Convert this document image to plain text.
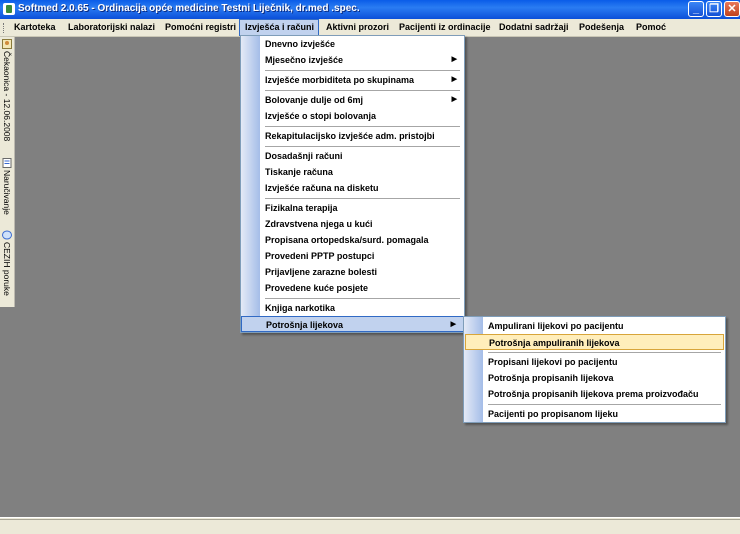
Softmed 2.0.65 - Ordinacija opće medicine Testni Liječnik, dr.med .spec.	_ ❐ ✕
Kartoteka	Laboratorijski nalazi	Pomoćni registri Izvješća i računi	Aktivni prozori	Pacijenti iz ordinacije Dodatni sadržaji	Podešenja	Pomoć
Čekaonica - 12.06.2008
Naručivanje
CEZIH poruke
Dnevno izvješće
Mjesečno izvješće	▶
Izvješće morbiditeta po skupinama	▶
Bolovanje dulje od 6mj	▶
Izvješće o stopi bolovanja
Rekapitulacijsko izvješće adm. pristojbi
Dosadašnji računi
Tiskanje računa
Izvješće računa na disketu
Fizikalna terapija
Zdravstvena njega u kući
Propisana ortopedska/surd. pomagala
Provedeni PPTP postupci
Prijavljene zarazne bolesti
Provedene kuće posjete
Knjiga narkotika
Potrošnja lijekova	▶	Ampulirani lijekovi po pacijentu
Potrošnja ampuliranih lijekova
Propisani lijekovi po pacijentu
Potrošnja propisanih lijekova
Potrošnja propisanih lijekova prema proizvođaču
Pacijenti po propisanom lijeku
